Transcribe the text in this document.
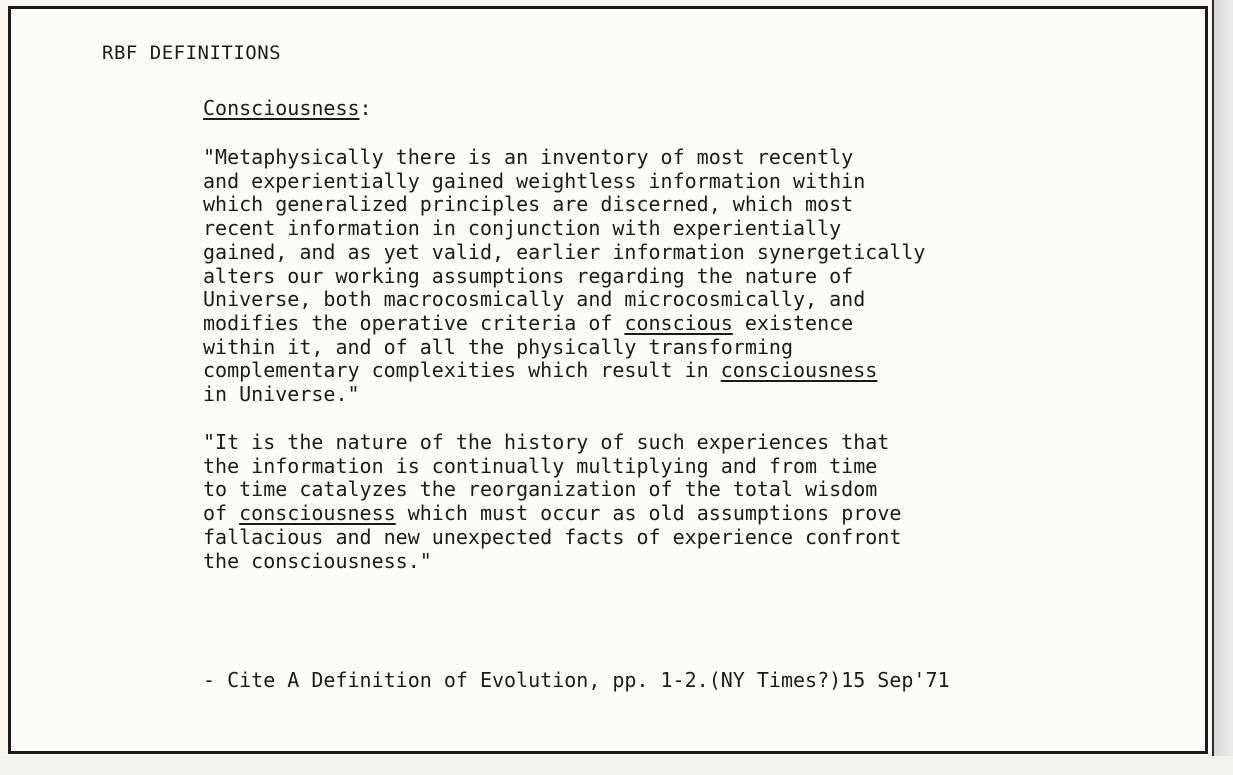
RBF DEFINITIONS
Consciousness:
"Metaphysically there is an inventory of most recently
and experientially gained weightless information within
which generalized principles are discerned, which most
recent information in conjunction with experientially
gained, and as yet valid, earlier information synergetically
alters our working assumptions regarding the nature of
Universe, both macrocosmically and microcosmically, and
modifies the operative criteria of conscious existence
within it, and of all the physically transforming
complementary complexities which result in consciousness
in Universe."
"It is the nature of the history of such experiences that
the information is continually multiplying and from time
to time catalyzes the reorganization of the total wisdom
of consciousness which must occur as old assumptions prove
fallacious and new unexpected facts of experience confront
the consciousness."
- Cite A Definition of Evolution, pp. 1-2.(NY Times?)15 Sep'71
